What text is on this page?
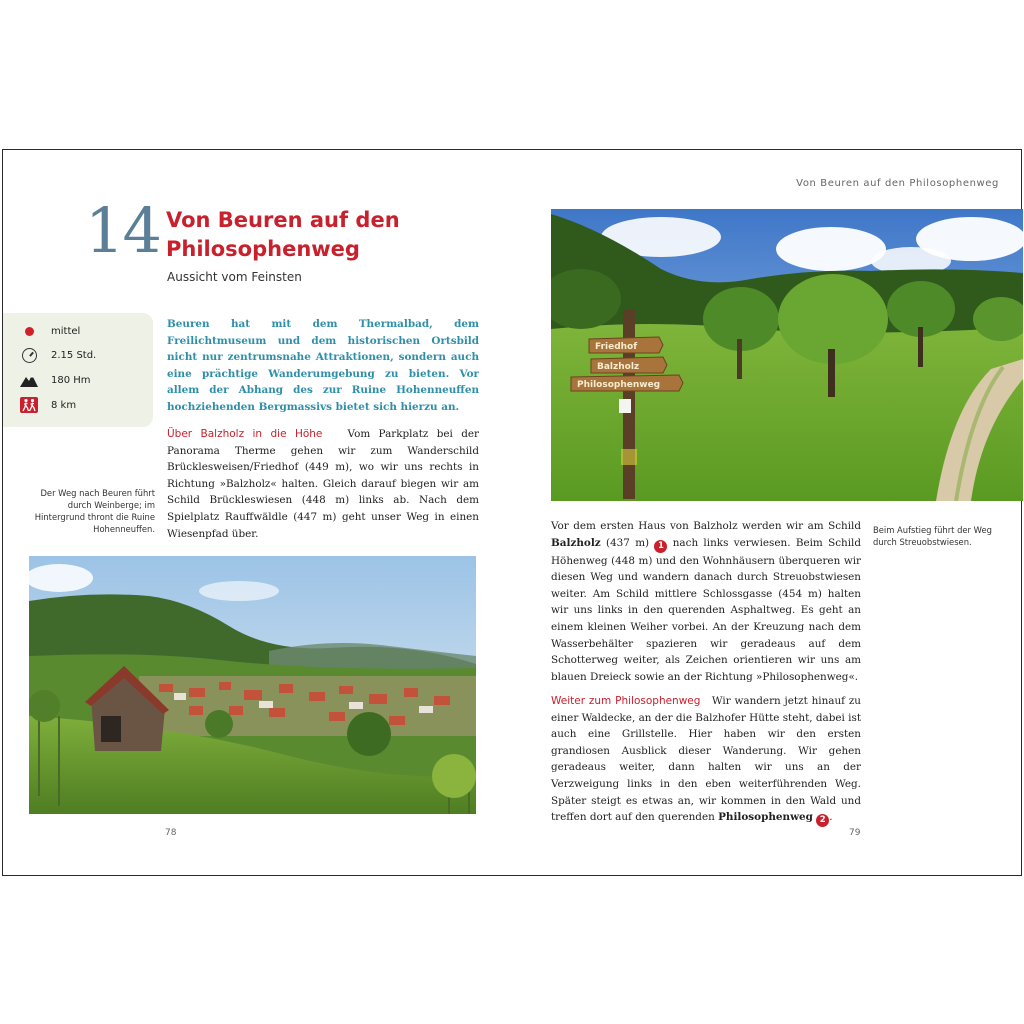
14 Von Beuren auf den
Philosophenweg
Aussicht vom Feinsten
mittel
2.15 Std.
180 Hm
8 km
Beuren hat mit dem Thermalbad, dem Freilichtmuseum und dem historischen Ortsbild nicht nur zentrumsnahe Attraktionen, sondern auch eine prächtige Wanderumgebung zu bieten. Vor allem der Abhang des zur Ruine Hohenneuffen hochziehenden Bergmassivs bietet sich hierzu an.
Über Balzholz in die Höhe Vom Parkplatz bei der Panorama Therme gehen wir zum Wanderschild Brücklesweisen/Friedhof (449 m), wo wir uns rechts in Richtung »Balzholz« halten. Gleich darauf biegen wir am Schild Brückleswiesen (448 m) links ab. Nach dem Spielplatz Rauffwäldle (447 m) geht unser Weg in einen Wiesenpfad über.
Der Weg nach Beuren führt durch Weinberge; im Hintergrund thront die Ruine Hohenneuffen.
78
Von Beuren auf den Philosophenweg
Friedhof
Balzholz
Philosophenweg
Beim Aufstieg führt der Weg durch Streuobstwiesen.
Vor dem ersten Haus von Balzholz werden wir am Schild Balzholz (437 m) 1 nach links verwiesen. Beim Schild Höhenweg (448 m) und den Wohnhäusern überqueren wir diesen Weg und wandern danach durch Streuobstwiesen weiter. Am Schild mittlere Schlossgasse (454 m) halten wir uns links in den querenden Asphaltweg. Es geht an einem kleinen Weiher vorbei. An der Kreuzung nach dem Wasserbehälter spazieren wir geradeaus auf dem Schotterweg weiter, als Zeichen orientieren wir uns am blauen Dreieck sowie an der Richtung »Philosophenweg«.
Weiter zum Philosophenweg Wir wandern jetzt hinauf zu einer Waldecke, an der die Balzhofer Hütte steht, dabei ist auch eine Grillstelle. Hier haben wir den ersten grandiosen Ausblick dieser Wanderung. Wir gehen geradeaus weiter, dann halten wir uns an der Verzweigung links in den eben weiterführenden Weg. Später steigt es etwas an, wir kommen in den Wald und treffen dort auf den querenden Philosophenweg 2 .
79
